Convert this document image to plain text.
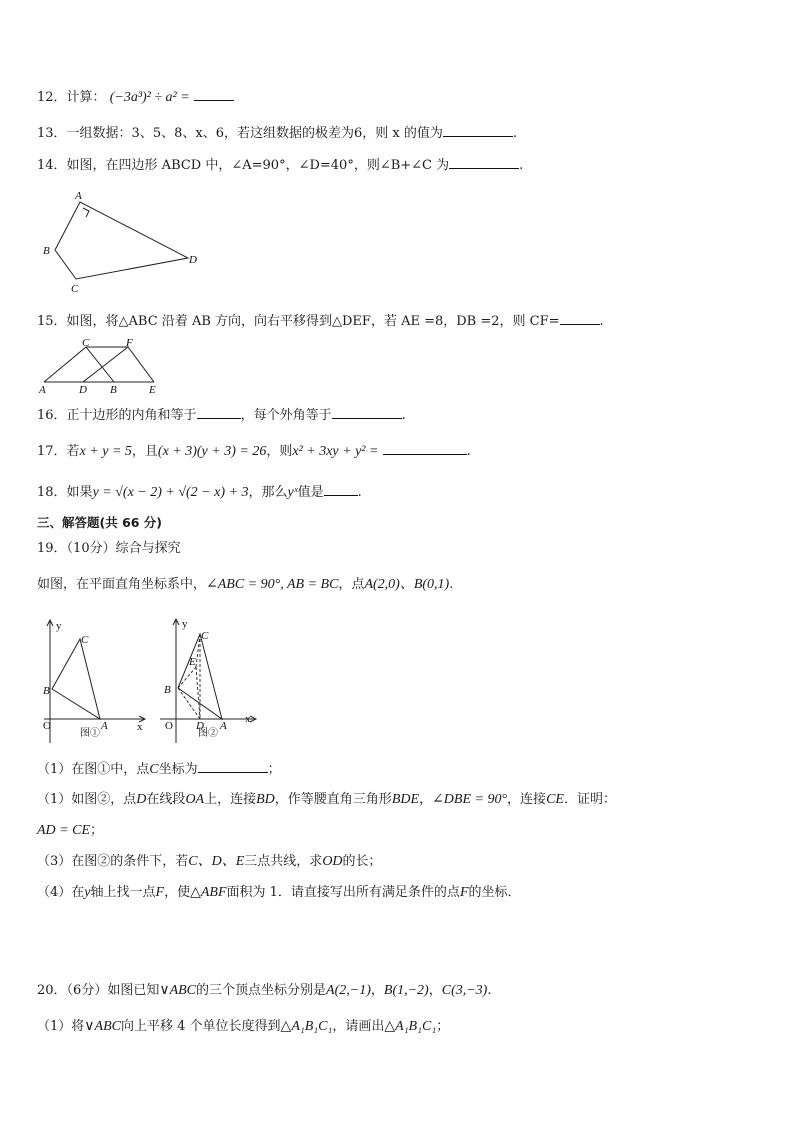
12．计算： (−3a³)² ÷ a² =
13．一组数据：3、5、8、x、6，若这组数据的极差为6，则 x 的值为	.
14．如图，在四边形 ABCD 中，∠A=90°，∠D=40°，则∠B+∠C 为	.
A
B
C
D
15．如图，将△ABC 沿着 AB 方向，向右平移得到△DEF，若 AE =8，DB =2，则 CF=	.
C	F
A	D B	E
16．正十边形的内角和等于	，每个外角等于	.
17．若x + y = 5，且(x + 3)(y + 3) = 26，则x² + 3xy + y² =	.
18．如果y = √(x − 2) + √(2 − x) + 3，那么yˣ值是	.
三、解答题(共 66 分)
19．（10分）综合与探究
如图，在平面直角坐标系中，∠ABC = 90°, AB = BC，点A(2,0)、B(0,1).
y
x
O
C
B
A
图①
y
x
O
C
E
B
D A
图②
（1）在图①中，点C坐标为	；
（1）如图②，点D在线段OA上，连接BD，作等腰直角三角形BDE，∠DBE = 90°，连接CE．证明：
AD = CE；
（3）在图②的条件下，若C、D、E三点共线，求OD的长；
（4）在y轴上找一点F，使△ABF面积为 1．请直接写出所有满足条件的点F的坐标．
20．（6分）如图已知∨ABC的三个顶点坐标分别是A(2,−1)，B(1,−2)，C(3,−3).
（1）将∨ABC向上平移 4 个单位长度得到△A₁B₁C₁，请画出△A₁B₁C₁；
